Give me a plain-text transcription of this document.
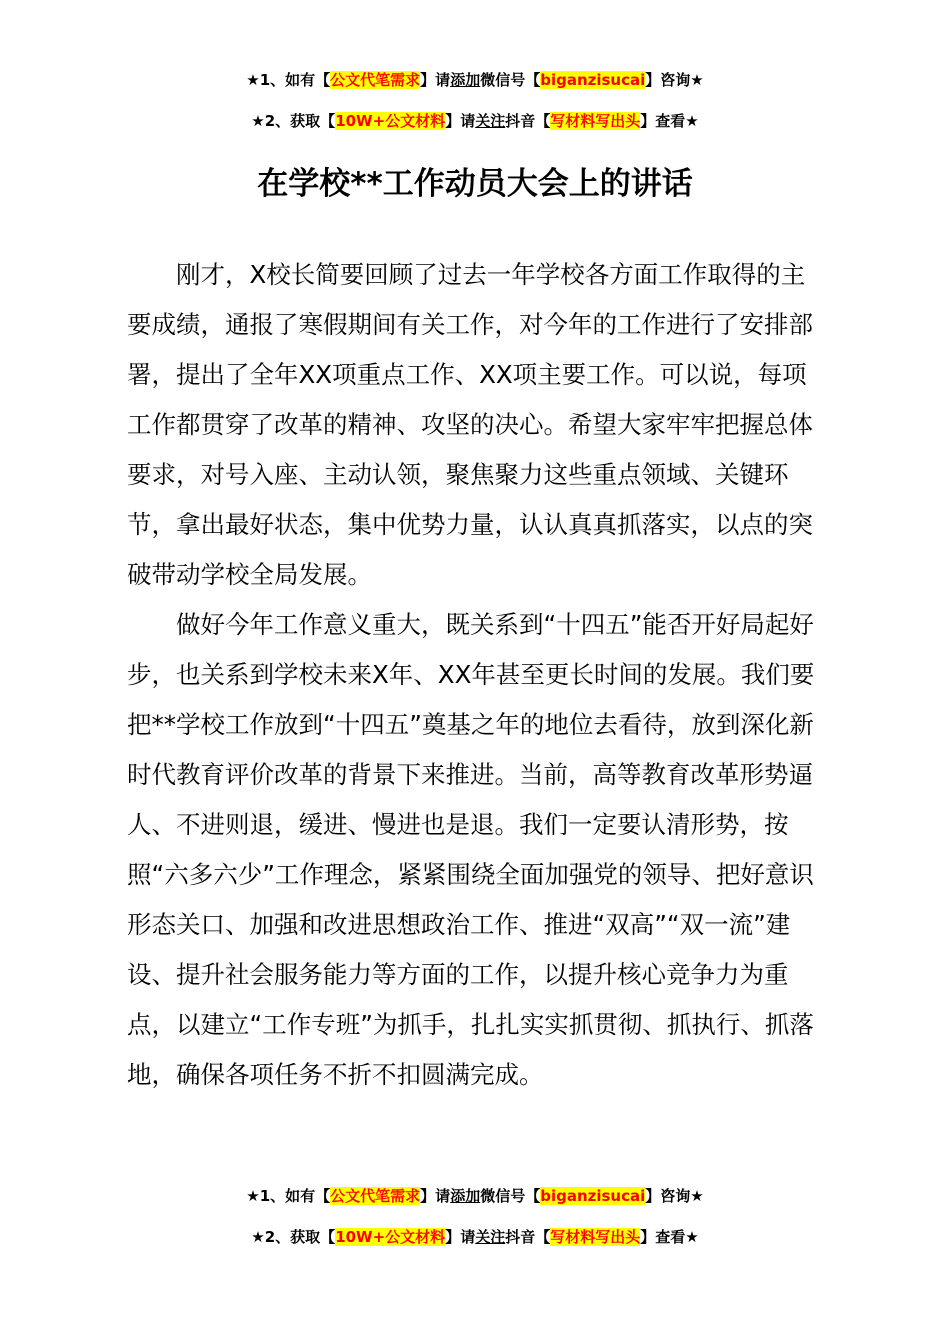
★1、如有【公文代笔需求】请添加微信号【biganzisucai】咨询★
★2、获取【10W+公文材料】请关注抖音【写材料写出头】查看★
在学校**工作动员大会上的讲话

刚才，X校长简要回顾了过去一年学校各方面工作取得的主要成绩，通报了寒假期间有关工作，对今年的工作进行了安排部署，提出了全年XX项重点工作、XX项主要工作。可以说，每项工作都贯穿了改革的精神、攻坚的决心。希望大家牢牢把握总体要求，对号入座、主动认领，聚焦聚力这些重点领域、关键环节，拿出最好状态，集中优势力量，认认真真抓落实，以点的突破带动学校全局发展。

做好今年工作意义重大，既关系到“十四五”能否开好局起好步，也关系到学校未来X年、XX年甚至更长时间的发展。我们要把**学校工作放到“十四五”奠基之年的地位去看待，放到深化新时代教育评价改革的背景下来推进。当前，高等教育改革形势逼人、不进则退，缓进、慢进也是退。我们一定要认清形势，按照“六多六少”工作理念，紧紧围绕全面加强党的领导、把好意识形态关口、加强和改进思想政治工作、推进“双高”“双一流”建设、提升社会服务能力等方面的工作，以提升核心竞争力为重点，以建立“工作专班”为抓手，扎扎实实抓贯彻、抓执行、抓落地，确保各项任务不折不扣圆满完成。

★1、如有【公文代笔需求】请添加微信号【biganzisucai】咨询★
★2、获取【10W+公文材料】请关注抖音【写材料写出头】查看★
